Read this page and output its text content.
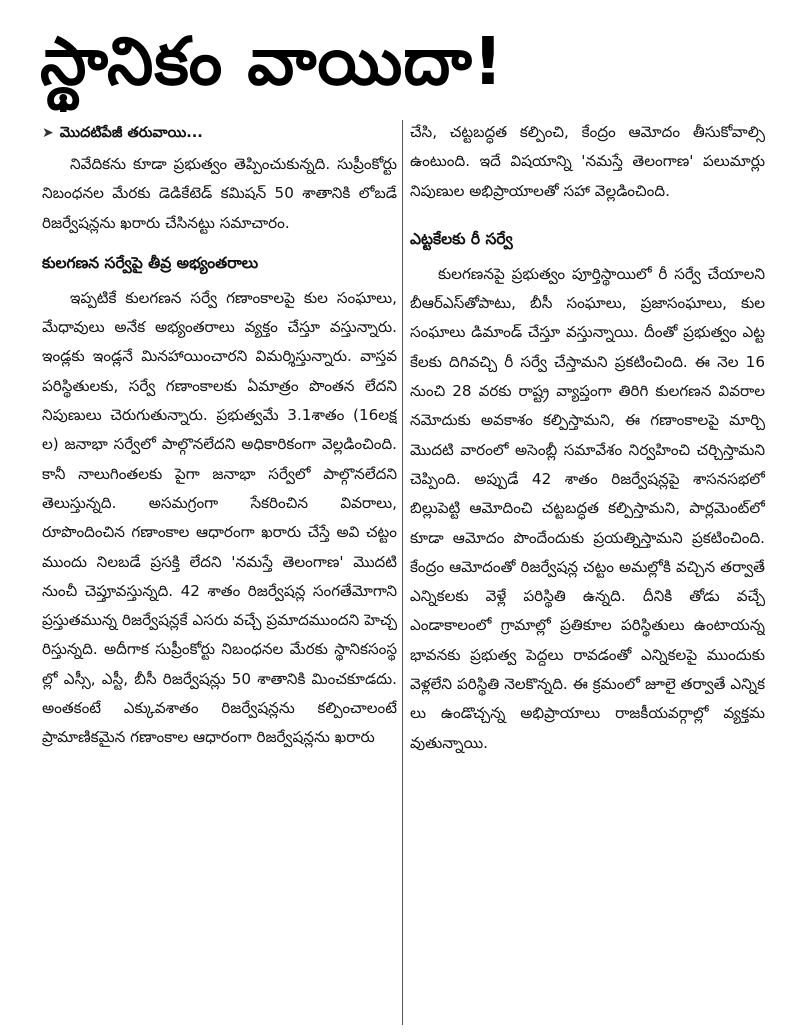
స్థానికం వాయిదా!
➤ మొదటిపేజీ తరువాయి...

నివేదికను కూడా ప్రభుత్వం తెప్పించుకున్నది. సుప్రీంకోర్టు నిబంధనల మేరకు డెడికేటెడ్ కమిషన్ 50 శాతానికి లోబడే రిజర్వేషన్లను ఖరారు చేసినట్టు సమాచారం.

కులగణన సర్వేపై తీవ్ర అభ్యంతరాలు

ఇప్పటికే కులగణన సర్వే గణాంకాలపై కుల సంఘాలు, మేధావులు అనేక అభ్యంతరాలు వ్యక్తం చేస్తూ వస్తున్నారు. ఇండ్లకు ఇండ్లనే మినహాయించారని విమర్శిస్తున్నారు. వాస్తవ పరిస్థితులకు, సర్వే గణాంకాలకు ఏమాత్రం పొంతన లేదని నిపుణులు చెరుగుతున్నారు. ప్రభుత్వమే 3.1శాతం (16లక్షల) జనాభా సర్వేలో పాల్గొనలేదని అధికారికంగా వెల్లడించింది. కానీ నాలుగింతలకు పైగా జనాభా సర్వేలో పాల్గొనలేదని తెలుస్తున్నది. అసమగ్రంగా సేకరించిన వివరాలు, రూపొందించిన గణాంకాల ఆధారంగా ఖరారు చేస్తే అవి చట్టం ముందు నిలబడే ప్రసక్తి లేదని 'నమస్తే తెలంగాణ' మొదటి నుంచీ చెప్తూవస్తున్నది. 42 శాతం రిజర్వేషన్ల సంగతేమోగాని ప్రస్తుతమున్న రిజర్వేషన్లకే ఎసరు వచ్చే ప్రమాదముందని హెచ్చరిస్తున్నది. అదీగాక సుప్రీంకోర్టు నిబంధనల మేరకు స్థానికసంస్థల్లో ఎస్సీ, ఎస్టీ, బీసీ రిజర్వేషన్లు 50 శాతానికి మించకూడదు. అంతకంటే ఎక్కువశాతం రిజర్వేషన్లను కల్పించాలంటే ప్రామాణికమైన గణాంకాల ఆధారంగా రిజర్వేషన్లను ఖరారు

చేసి, చట్టబద్ధత కల్పించి, కేంద్రం ఆమోదం తీసుకోవాల్సి ఉంటుంది. ఇదే విషయాన్ని 'నమస్తే తెలంగాణ' పలుమార్లు నిపుణుల అభిప్రాయాలతో సహా వెల్లడించింది.

ఎట్టకేలకు రీ సర్వే

కులగణనపై ప్రభుత్వం పూర్తిస్థాయిలో రీ సర్వే చేయాలని బీఆర్ఎస్‌తోపాటు, బీసీ సంఘాలు, ప్రజాసంఘాలు, కులసంఘాలు డిమాండ్ చేస్తూ వస్తున్నాయి. దీంతో ప్రభుత్వం ఎట్టకేలకు దిగివచ్చి రీ సర్వే చేస్తామని ప్రకటించింది. ఈ నెల 16 నుంచి 28 వరకు రాష్ట్ర వ్యాప్తంగా తిరిగి కులగణన వివరాల నమోదుకు అవకాశం కల్పిస్తామని, ఈ గణాంకాలపై మార్చి మొదటి వారంలో అసెంబ్లీ సమావేశం నిర్వహించి చర్చిస్తామని చెప్పింది. అప్పుడే 42 శాతం రిజర్వేషన్లపై శాసనసభలో బిల్లుపెట్టి ఆమోదించి చట్టబద్ధత కల్పిస్తామని, పార్లమెంట్‌లో కూడా ఆమోదం పొందేందుకు ప్రయత్నిస్తామని ప్రకటించింది. కేంద్రం ఆమోదంతో రిజర్వేషన్ల చట్టం అమల్లోకి వచ్చిన తర్వాతే ఎన్నికలకు వెళ్లే పరిస్థితి ఉన్నది. దీనికి తోడు వచ్చే ఎండాకాలంలో గ్రామాల్లో ప్రతికూల పరిస్థితులు ఉంటాయన్న భావనకు ప్రభుత్వ పెద్దలు రావడంతో ఎన్నికలపై ముందుకు వెళ్లలేని పరిస్థితి నెలకొన్నది. ఈ క్రమంలో జూలై తర్వాతే ఎన్నికలు ఉండొచ్చన్న అభిప్రాయాలు రాజకీయవర్గాల్లో వ్యక్తమవుతున్నాయి.
